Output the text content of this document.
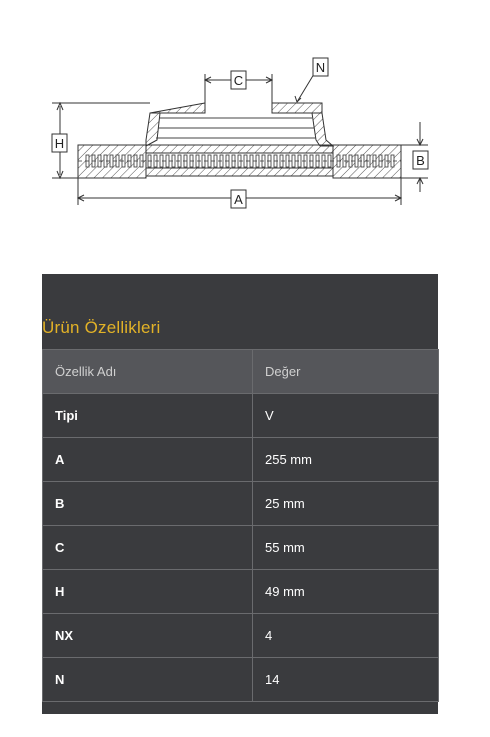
N
C
H
B
A
Ürün Özellikleri
Özellik Adı	Değer
Tipi	V
A	255 mm
B	25 mm
C	55 mm
H	49 mm
NX	4
N	14
